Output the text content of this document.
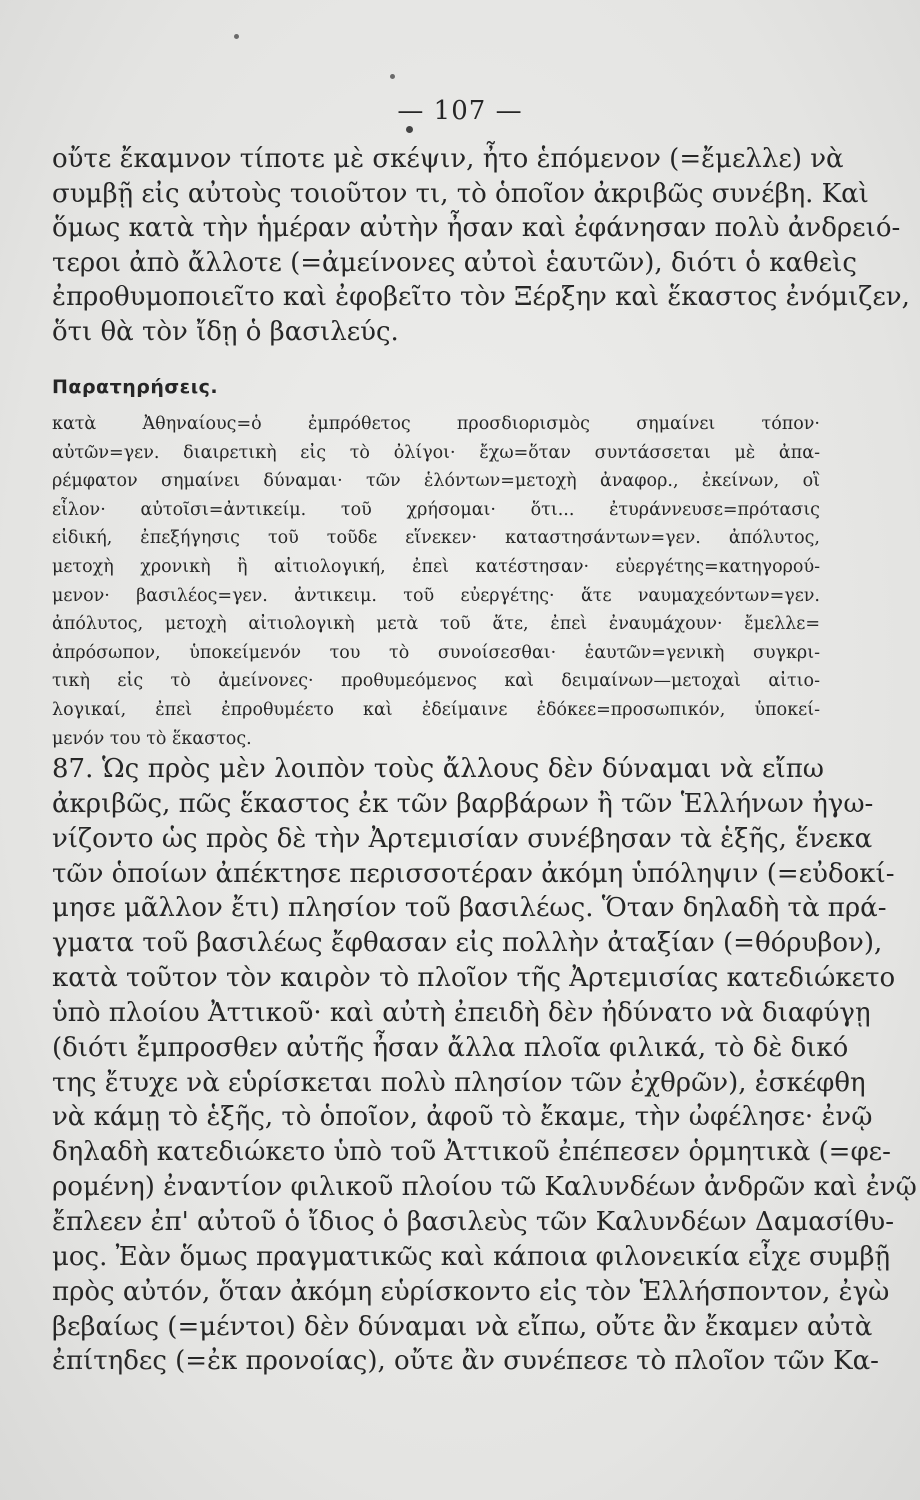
— 107 —
οὔτε ἔκαμνον τίποτε μὲ σκέψιν, ἦτο ἑπόμενον (=ἔμελλε) νὰ
συμβῇ εἰς αὐτοὺς τοιοῦτον τι, τὸ ὁποῖον ἀκριβῶς συνέβη. Καὶ
ὅμως κατὰ τὴν ἡμέραν αὐτὴν ἦσαν καὶ ἐφάνησαν πολὺ ἀνδρειό-
τεροι ἀπὸ ἄλλοτε (=ἀμείνονες αὐτοὶ ἑαυτῶν), διότι ὁ καθεὶς
ἐπροθυμοποιεῖτο καὶ ἐφοβεῖτο τὸν Ξέρξην καὶ ἕκαστος ἐνόμιζεν,
ὅτι θὰ τὸν ἴδῃ ὁ βασιλεύς.
Παρατηρήσεις.
κατὰ Ἀθηναίους=ὁ ἐμπρόθετος προσδιορισμὸς σημαίνει τόπον·
αὐτῶν=γεν. διαιρετικὴ εἰς τὸ ὀλίγοι· ἔχω=ὅταν συντάσσεται μὲ ἀπα-
ρέμφατον σημαίνει δύναμαι· τῶν ἑλόντων=μετοχὴ ἀναφορ., ἐκείνων, οἳ
εἷλον· αὐτοῖσι=ἀντικείμ. τοῦ χρήσομαι· ὅτι... ἐτυράννευσε=πρότασις
εἰδική, ἐπεξήγησις τοῦ τοῦδε εἵνεκεν· καταστησάντων=γεν. ἀπόλυτος,
μετοχὴ χρονικὴ ἢ αἰτιολογική, ἐπεὶ κατέστησαν· εὐεργέτης=κατηγορού-
μενον· βασιλέος=γεν. ἀντικειμ. τοῦ εὐεργέτης· ἅτε ναυμαχεόντων=γεν.
ἀπόλυτος, μετοχὴ αἰτιολογικὴ μετὰ τοῦ ἅτε, ἐπεὶ ἐναυμάχουν· ἔμελλε=
ἀπρόσωπον, ὑποκείμενόν του τὸ συνοίσεσθαι· ἑαυτῶν=γενικὴ συγκρι-
τικὴ εἰς τὸ ἀμείνονες· προθυμεόμενος καὶ δειμαίνων—μετοχαὶ αἰτιο-
λογικαί, ἐπεὶ ἐπροθυμέετο καὶ ἐδείμαινε ἐδόκεε=προσωπικόν, ὑποκεί-
μενόν του τὸ ἕκαστος.
87. Ὡς πρὸς μὲν λοιπὸν τοὺς ἄλλους δὲν δύναμαι νὰ εἴπω
ἀκριβῶς, πῶς ἕκαστος ἐκ τῶν βαρβάρων ἢ τῶν Ἑλλήνων ἠγω-
νίζοντο ὡς πρὸς δὲ τὴν Ἀρτεμισίαν συνέβησαν τὰ ἑξῆς, ἕνεκα
τῶν ὁποίων ἀπέκτησε περισσοτέραν ἀκόμη ὑπόληψιν (=εὐδοκί-
μησε μᾶλλον ἔτι) πλησίον τοῦ βασιλέως. Ὅταν δηλαδὴ τὰ πρά-
γματα τοῦ βασιλέως ἔφθασαν εἰς πολλὴν ἀταξίαν (=θόρυβον),
κατὰ τοῦτον τὸν καιρὸν τὸ πλοῖον τῆς Ἀρτεμισίας κατεδιώκετο
ὑπὸ πλοίου Ἀττικοῦ· καὶ αὐτὴ ἐπειδὴ δὲν ἠδύνατο νὰ διαφύγῃ
(διότι ἔμπροσθεν αὐτῆς ἦσαν ἄλλα πλοῖα φιλικά, τὸ δὲ δικό
της ἔτυχε νὰ εὑρίσκεται πολὺ πλησίον τῶν ἐχθρῶν), ἐσκέφθη
νὰ κάμῃ τὸ ἑξῆς, τὸ ὁποῖον, ἀφοῦ τὸ ἔκαμε, τὴν ὠφέλησε· ἐνῷ
δηλαδὴ κατεδιώκετο ὑπὸ τοῦ Ἀττικοῦ ἐπέπεσεν ὁρμητικὰ (=φε-
ρομένη) ἐναντίον φιλικοῦ πλοίου τῶ Καλυνδέων ἀνδρῶν καὶ ἐνῷ
ἔπλεεν ἐπ' αὐτοῦ ὁ ἴδιος ὁ βασιλεὺς τῶν Καλυνδέων Δαμασίθυ-
μος. Ἐὰν ὅμως πραγματικῶς καὶ κάποια φιλονεικία εἶχε συμβῇ
πρὸς αὐτόν, ὅταν ἀκόμη εὑρίσκοντο εἰς τὸν Ἑλλήσποντον, ἐγὼ
βεβαίως (=μέντοι) δὲν δύναμαι νὰ εἴπω, οὔτε ἂν ἔκαμεν αὐτὰ
ἐπίτηδες (=ἐκ προνοίας), οὔτε ἂν συνέπεσε τὸ πλοῖον τῶν Κα-
